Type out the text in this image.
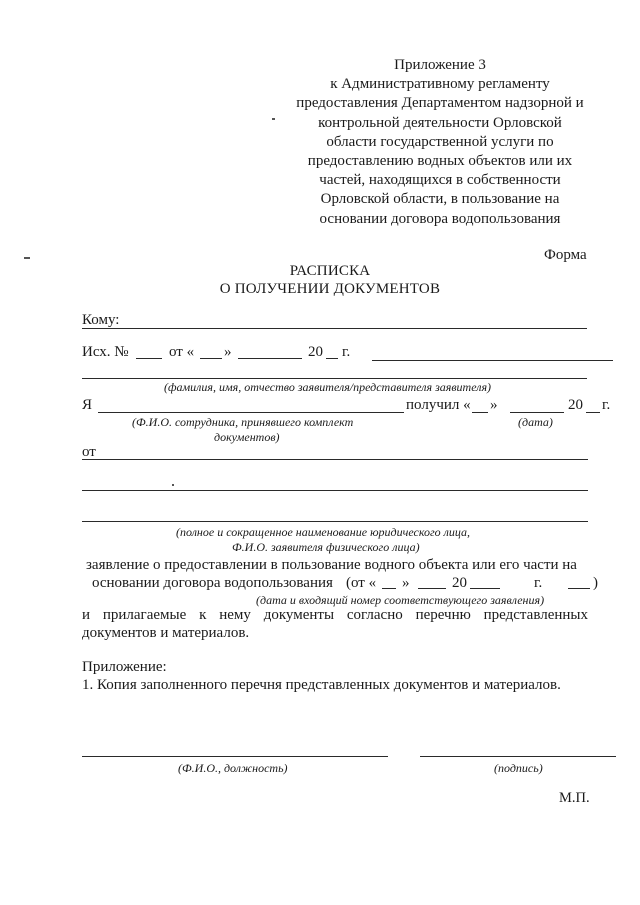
Приложение 3
к Административному регламенту
предоставления Департаментом надзорной и
контрольной деятельности Орловской
области государственной услуги по
предоставлению водных объектов или их
частей, находящихся в собственности
Орловской области, в пользование на
основании договора водопользования
Форма
РАСПИСКА
О ПОЛУЧЕНИИ ДОКУМЕНТОВ
Кому:
Исх. №	от « »	20 г.
(фамилия, имя, отчество заявителя/представителя заявителя)
Я	получил « »	20 г.
(Ф.И.О. сотрудника, принявшего комплект
документов)
(дата)
от
(полное и сокращенное наименование юридического лица,
Ф.И.О. заявителя физического лица)
заявление о предоставлении в пользование водного объекта или его части на
основании договора водопользования (от « »	20	г.	)
(дата и входящий номер соответствующего заявления)
и прилагаемые к нему документы согласно перечню представленных
документов и материалов.
Приложение:
1. Копия заполненного перечня представленных документов и материалов.
(Ф.И.О., должность)	(подпись)
М.П.
